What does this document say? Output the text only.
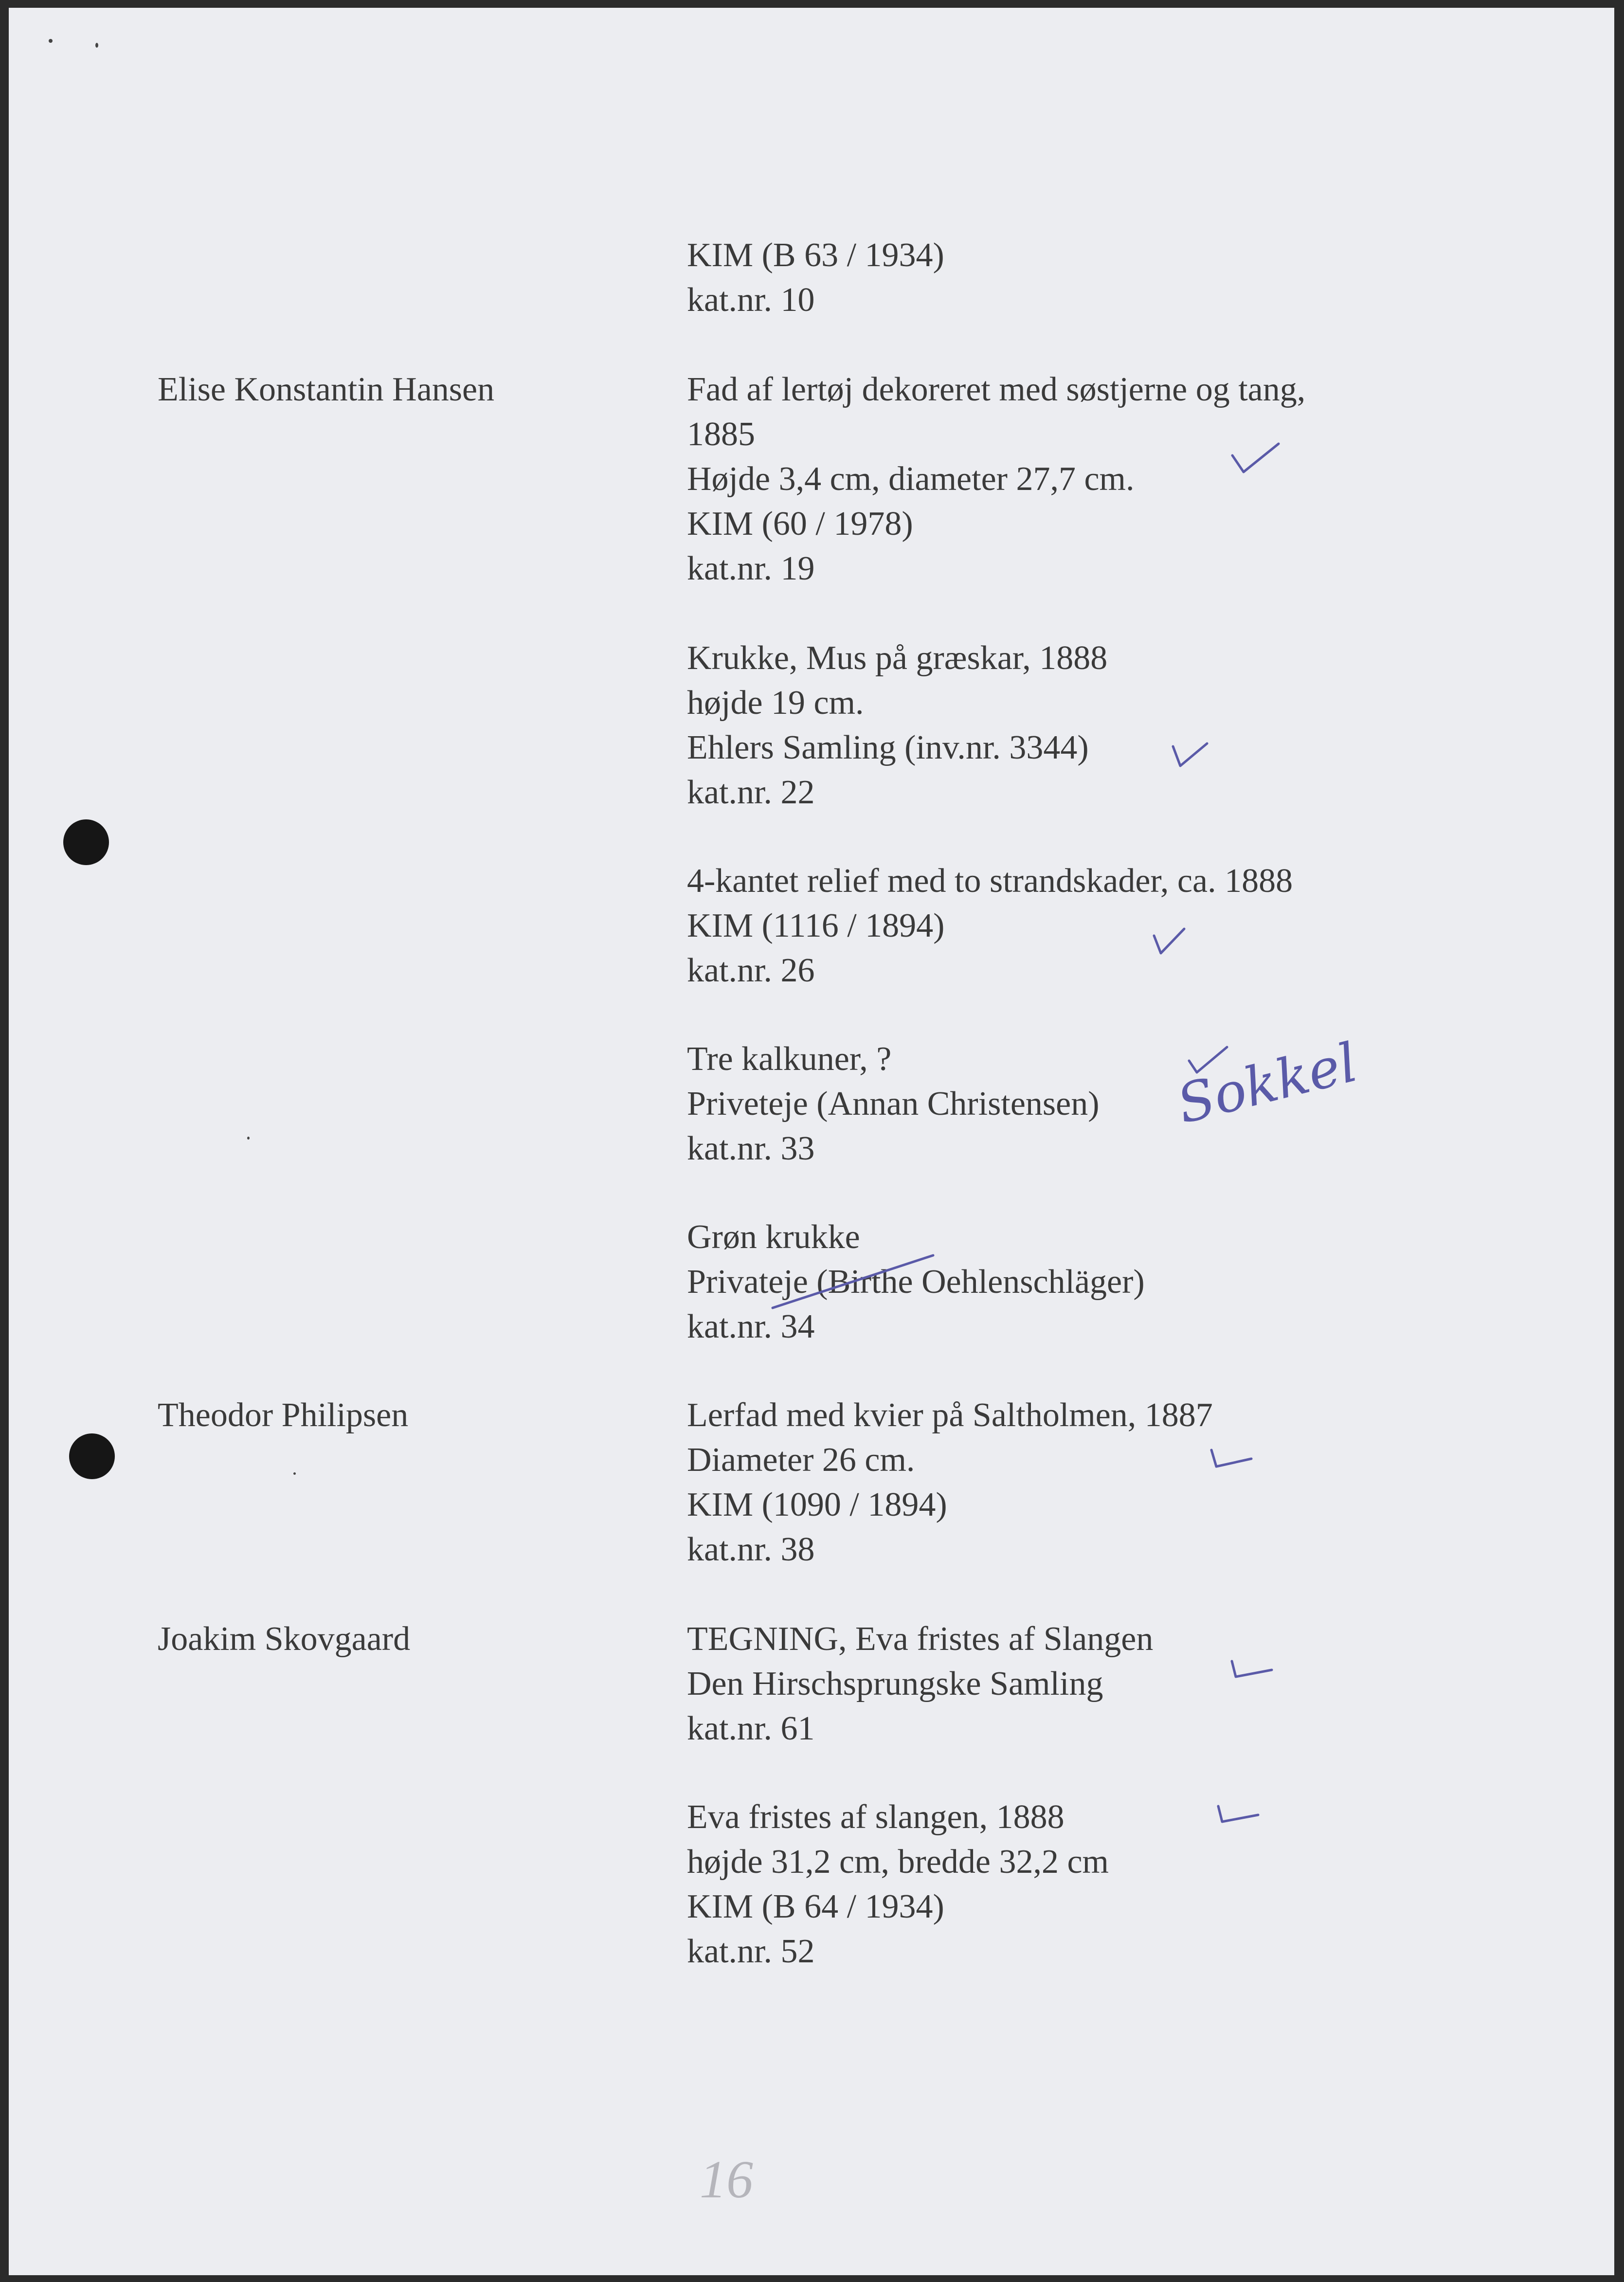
Elise Konstantin Hansen
Theodor Philipsen
Joakim Skovgaard
KIM (B 63 / 1934)
kat.nr. 10
Fad af lertøj dekoreret med søstjerne og tang,
1885
Højde 3,4 cm, diameter 27,7 cm.
KIM (60 / 1978)
kat.nr. 19
Krukke, Mus på græskar, 1888
højde 19 cm.
Ehlers Samling (inv.nr. 3344)
kat.nr. 22
4-kantet relief med to strandskader, ca. 1888
KIM (1116 / 1894)
kat.nr. 26
Tre kalkuner, ?
Priveteje (Annan Christensen)
kat.nr. 33
Grøn krukke
Privateje (Birthe Oehlenschläger)
kat.nr. 34
Lerfad med kvier på Saltholmen, 1887
Diameter 26 cm.
KIM (1090 / 1894)
kat.nr. 38
TEGNING, Eva fristes af Slangen
Den Hirschsprungske Samling
kat.nr. 61
Eva fristes af slangen, 1888
højde 31,2 cm, bredde 32,2 cm
KIM (B 64 / 1934)
kat.nr. 52
Sokkel
16
